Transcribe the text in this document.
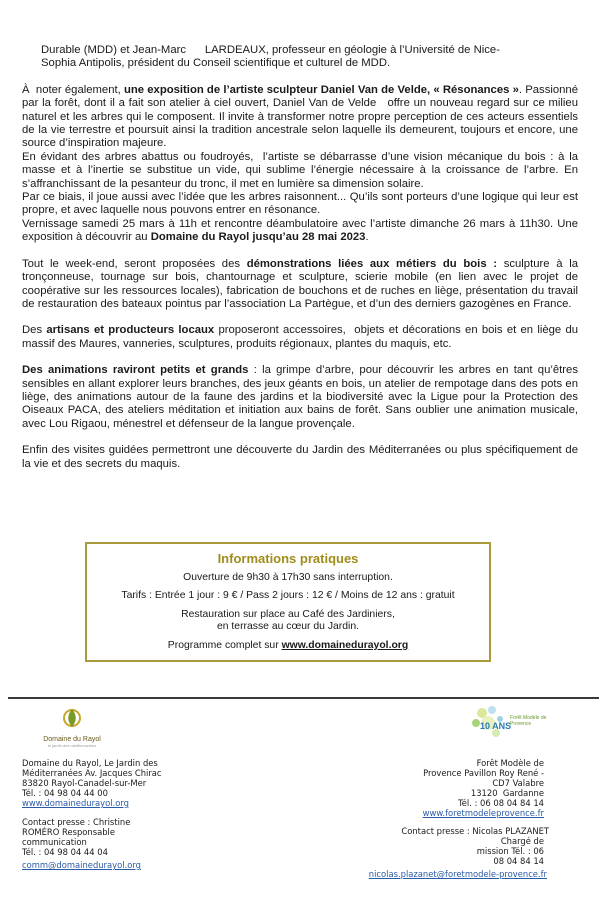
Durable (MDD) et Jean-Marc      LARDEAUX, professeur en géologie à l’Université de Nice-
Sophia Antipolis, président du Conseil scientifique et culturel de MDD.

À  noter également, une exposition de l’artiste sculpteur Daniel Van de Velde, « Résonances ». Passionné par la forêt, dont il a fait son atelier à ciel ouvert, Daniel Van de Velde   offre un nouveau regard sur ce milieu naturel et les arbres qui le composent. Il invite à transformer notre propre perception de ces acteurs essentiels de la vie terrestre et poursuit ainsi la tradition ancestrale selon laquelle ils demeurent, toujours et encore, une source d’inspiration majeure.

En évidant des arbres abattus ou foudroyés,  l’artiste se débarrasse d’une vision mécanique du bois : à la masse et à l’inertie se substitue un vide, qui sublime l’énergie nécessaire à la croissance de l’arbre. En s’affranchissant de la pesanteur du tronc, il met en lumière sa dimension solaire.

Par ce biais, il joue aussi avec l’idée que les arbres raisonnent... Qu’ils sont porteurs d’une logique qui leur est propre, et avec laquelle nous pouvons entrer en résonance.

Vernissage samedi 25 mars à 11h et rencontre déambulatoire avec l’artiste dimanche 26 mars à 11h30. Une exposition à découvrir au Domaine du Rayol jusqu’au 28 mai 2023.

Tout le week-end, seront proposées des démonstrations liées aux métiers du bois : sculpture à la tronçonneuse, tournage sur bois, chantournage et sculpture, scierie mobile (en lien avec le projet de coopérative sur les ressources locales), fabrication de bouchons et de ruches en liège, présentation du travail de restauration des bateaux pointus par l’association La Partègue, et d’un des derniers gazogènes en France.

Des artisans et producteurs locaux proposeront accessoires,  objets et décorations en bois et en liège du massif des Maures, vanneries, sculptures, produits régionaux, plantes du maquis, etc.

Des animations raviront petits et grands : la grimpe d’arbre, pour découvrir les arbres en tant qu’êtres sensibles en allant explorer leurs branches, des jeux géants en bois, un atelier de rempotage dans des pots en liège, des animations autour de la faune des jardins et la biodiversité avec la Ligue pour la Protection des Oiseaux PACA, des ateliers méditation et initiation aux bains de forêt. Sans oublier une animation musicale, avec Lou Rigaou, ménestrel et défenseur de la langue provençale.

Enfin des visites guidées permettront une découverte du Jardin des Méditerranées ou plus spécifiquement de la vie et des secrets du maquis.

Informations pratiques
Ouverture de 9h30 à 17h30 sans interruption.
Tarifs : Entrée 1 jour : 9 € / Pass 2 jours : 12 € / Moins de 12 ans : gratuit
Restauration sur place au Café des Jardiniers,
en terrasse au cœur du Jardin.
Programme complet sur www.domainedurayol.org
Domaine du Rayol
le jardin des méditerranées
10 ANS
Forêt Modèle de Provence
Domaine du Rayol, Le Jardin des
Méditerranées Av. Jacques Chirac
83820 Rayol-Canadel-sur-Mer
Tél. : 04 98 04 44 00
www.domainedurayol.org
Contact presse : Christine
ROMÉRO Responsable
communication
Tél. : 04 98 04 44 04
comm@domainedurayol.org
Forêt Modèle de
Provence Pavillon Roy René -
CD7 Valabre
13120  Gardanne
Tél. : 06 08 04 84 14
www.foretmodeleprovence.fr
Contact presse : Nicolas PLAZANET
Chargé de
mission Tél. : 06
08 04 84 14
nicolas.plazanet@foretmodele-provence.fr
